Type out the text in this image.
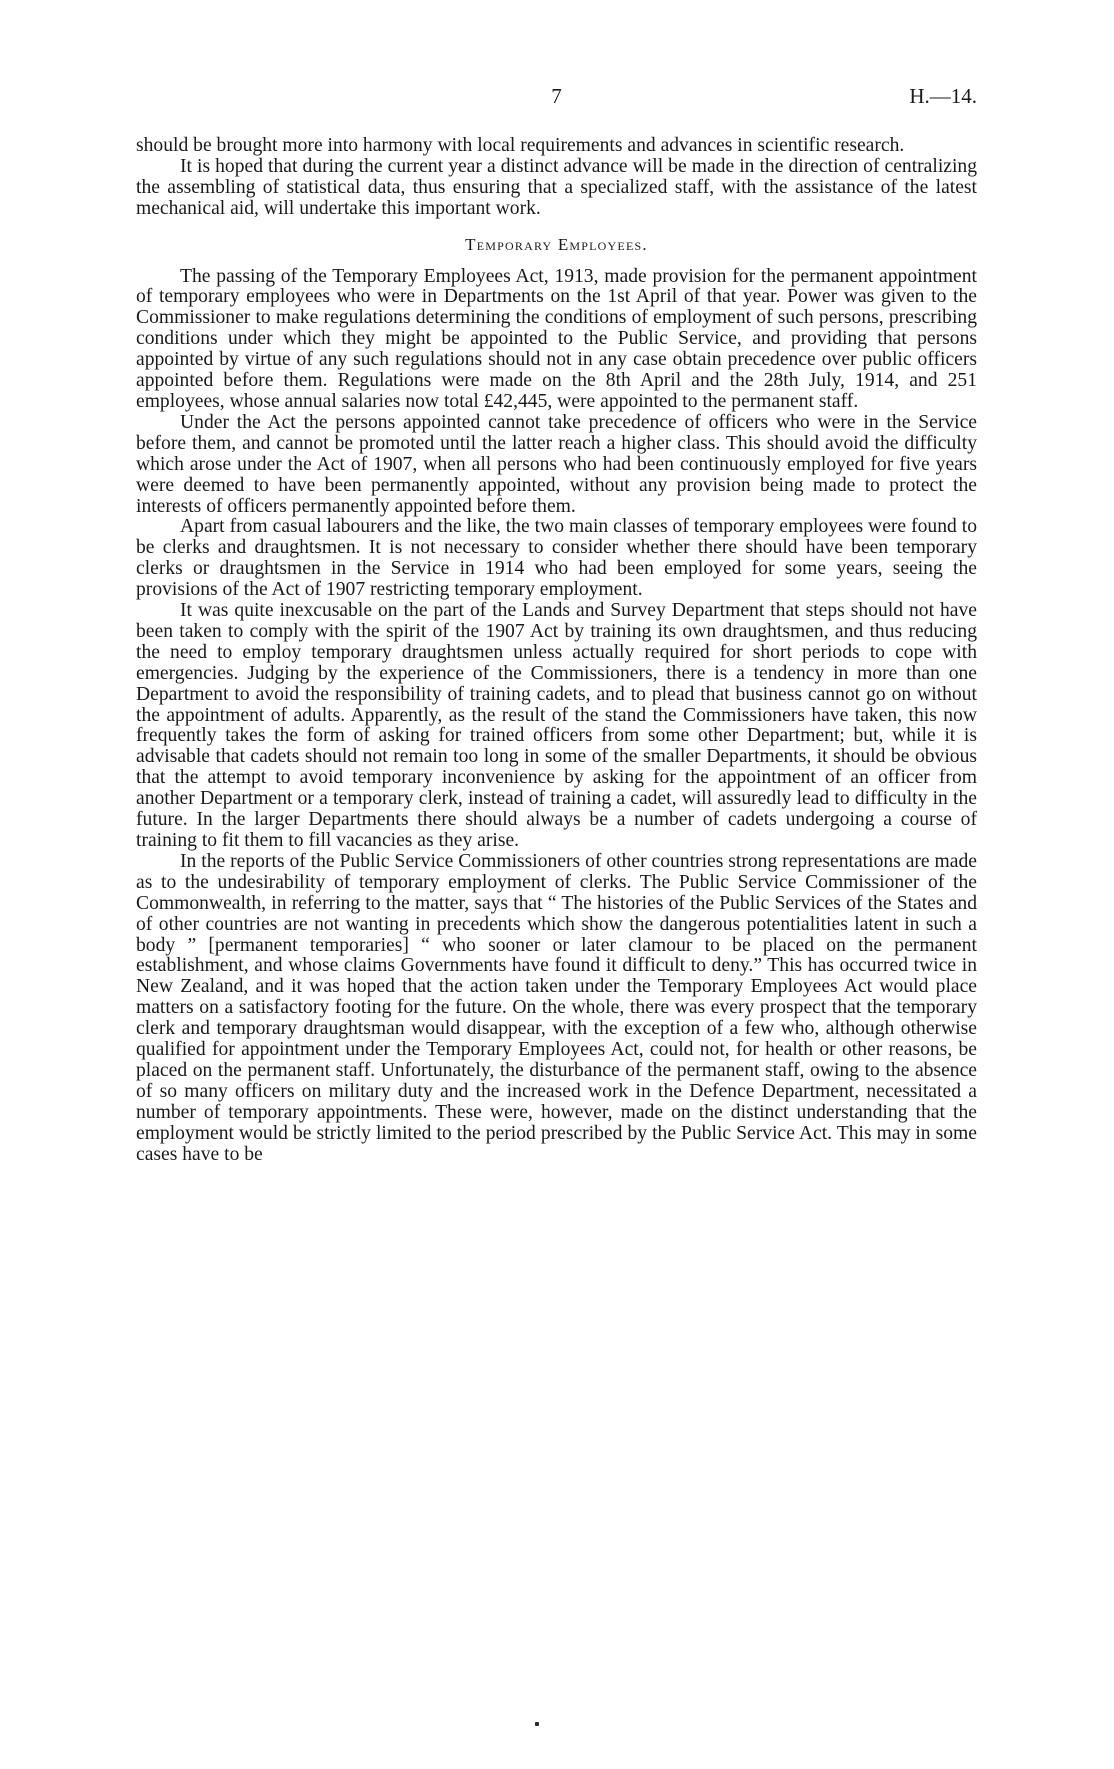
7	H.—14.

should be brought more into harmony with local requirements and advances in scientific research.

It is hoped that during the current year a distinct advance will be made in the direction of centralizing the assembling of statistical data, thus ensuring that a specialized staff, with the assistance of the latest mechanical aid, will undertake this important work.

Temporary Employees.

The passing of the Temporary Employees Act, 1913, made provision for the permanent appointment of temporary employees who were in Departments on the 1st April of that year. Power was given to the Commissioner to make regulations determining the conditions of employment of such persons, prescribing conditions under which they might be appointed to the Public Service, and providing that persons appointed by virtue of any such regulations should not in any case obtain precedence over public officers appointed before them. Regulations were made on the 8th April and the 28th July, 1914, and 251 employees, whose annual salaries now total £42,445, were appointed to the permanent staff.

Under the Act the persons appointed cannot take precedence of officers who were in the Service before them, and cannot be promoted until the latter reach a higher class. This should avoid the difficulty which arose under the Act of 1907, when all persons who had been continuously employed for five years were deemed to have been permanently appointed, without any provision being made to protect the interests of officers permanently appointed before them.

Apart from casual labourers and the like, the two main classes of temporary employees were found to be clerks and draughtsmen. It is not necessary to consider whether there should have been temporary clerks or draughtsmen in the Service in 1914 who had been employed for some years, seeing the provisions of the Act of 1907 restricting temporary employment.

It was quite inexcusable on the part of the Lands and Survey Department that steps should not have been taken to comply with the spirit of the 1907 Act by training its own draughtsmen, and thus reducing the need to employ temporary draughtsmen unless actually required for short periods to cope with emergencies. Judging by the experience of the Commissioners, there is a tendency in more than one Department to avoid the responsibility of training cadets, and to plead that business cannot go on without the appointment of adults. Apparently, as the result of the stand the Commissioners have taken, this now frequently takes the form of asking for trained officers from some other Department; but, while it is advisable that cadets should not remain too long in some of the smaller Departments, it should be obvious that the attempt to avoid temporary inconvenience by asking for the appointment of an officer from another Department or a temporary clerk, instead of training a cadet, will assuredly lead to difficulty in the future. In the larger Departments there should always be a number of cadets undergoing a course of training to fit them to fill vacancies as they arise.

In the reports of the Public Service Commissioners of other countries strong representations are made as to the undesirability of temporary employment of clerks. The Public Service Commissioner of the Commonwealth, in referring to the matter, says that “ The histories of the Public Services of the States and of other countries are not wanting in precedents which show the dangerous potentialities latent in such a body ” [permanent temporaries] “ who sooner or later clamour to be placed on the permanent establishment, and whose claims Governments have found it difficult to deny.” This has occurred twice in New Zealand, and it was hoped that the action taken under the Temporary Employees Act would place matters on a satisfactory footing for the future. On the whole, there was every prospect that the temporary clerk and temporary draughtsman would disappear, with the exception of a few who, although otherwise qualified for appointment under the Temporary Employees Act, could not, for health or other reasons, be placed on the permanent staff. Unfortunately, the disturbance of the permanent staff, owing to the absence of so many officers on military duty and the increased work in the Defence Department, necessitated a number of temporary appointments. These were, however, made on the distinct understanding that the employment would be strictly limited to the period prescribed by the Public Service Act. This may in some cases have to be
